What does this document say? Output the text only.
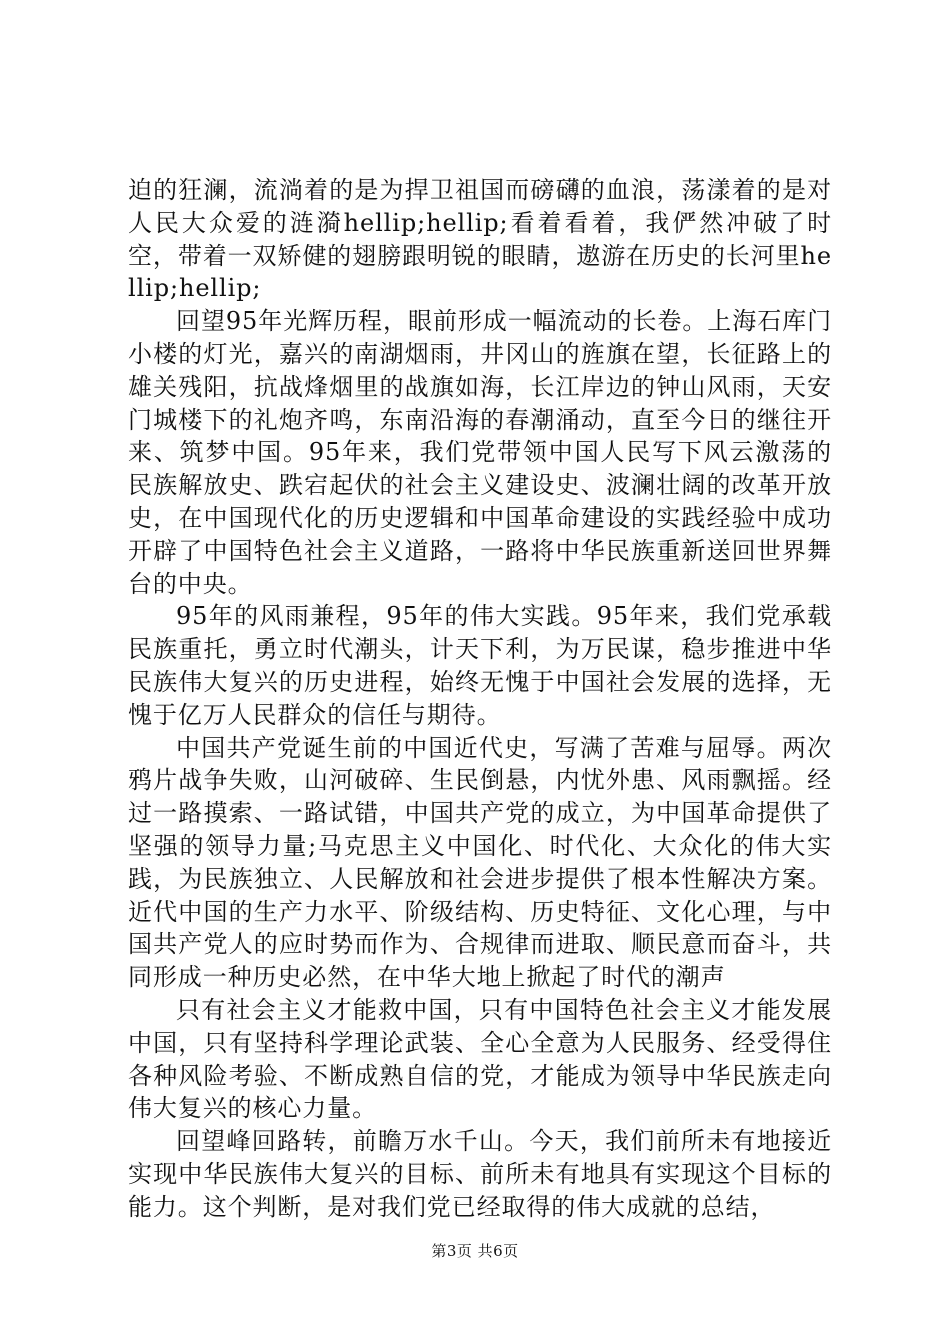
迫的狂澜，流淌着的是为捍卫祖国而磅礴的血浪，荡漾着的是对人民大众爱的涟漪hellip;hellip;看着看着，我俨然冲破了时空，带着一双矫健的翅膀跟明锐的眼睛，遨游在历史的长河里hellip;hellip;

回望95年光辉历程，眼前形成一幅流动的长卷。上海石库门小楼的灯光，嘉兴的南湖烟雨，井冈山的旌旗在望，长征路上的雄关残阳，抗战烽烟里的战旗如海，长江岸边的钟山风雨，天安门城楼下的礼炮齐鸣，东南沿海的春潮涌动，直至今日的继往开来、筑梦中国。95年来，我们党带领中国人民写下风云激荡的民族解放史、跌宕起伏的社会主义建设史、波澜壮阔的改革开放史，在中国现代化的历史逻辑和中国革命建设的实践经验中成功开辟了中国特色社会主义道路，一路将中华民族重新送回世界舞台的中央。

95年的风雨兼程，95年的伟大实践。95年来，我们党承载民族重托，勇立时代潮头，计天下利，为万民谋，稳步推进中华民族伟大复兴的历史进程，始终无愧于中国社会发展的选择，无愧于亿万人民群众的信任与期待。

中国共产党诞生前的中国近代史，写满了苦难与屈辱。两次鸦片战争失败，山河破碎、生民倒悬，内忧外患、风雨飘摇。经过一路摸索、一路试错，中国共产党的成立，为中国革命提供了坚强的领导力量;马克思主义中国化、时代化、大众化的伟大实践，为民族独立、人民解放和社会进步提供了根本性解决方案。近代中国的生产力水平、阶级结构、历史特征、文化心理，与中国共产党人的应时势而作为、合规律而进取、顺民意而奋斗，共同形成一种历史必然，在中华大地上掀起了时代的潮声

只有社会主义才能救中国，只有中国特色社会主义才能发展中国，只有坚持科学理论武装、全心全意为人民服务、经受得住各种风险考验、不断成熟自信的党，才能成为领导中华民族走向伟大复兴的核心力量。

回望峰回路转，前瞻万水千山。今天，我们前所未有地接近实现中华民族伟大复兴的目标、前所未有地具有实现这个目标的能力。这个判断，是对我们党已经取得的伟大成就的总结，

第3页 共6页
